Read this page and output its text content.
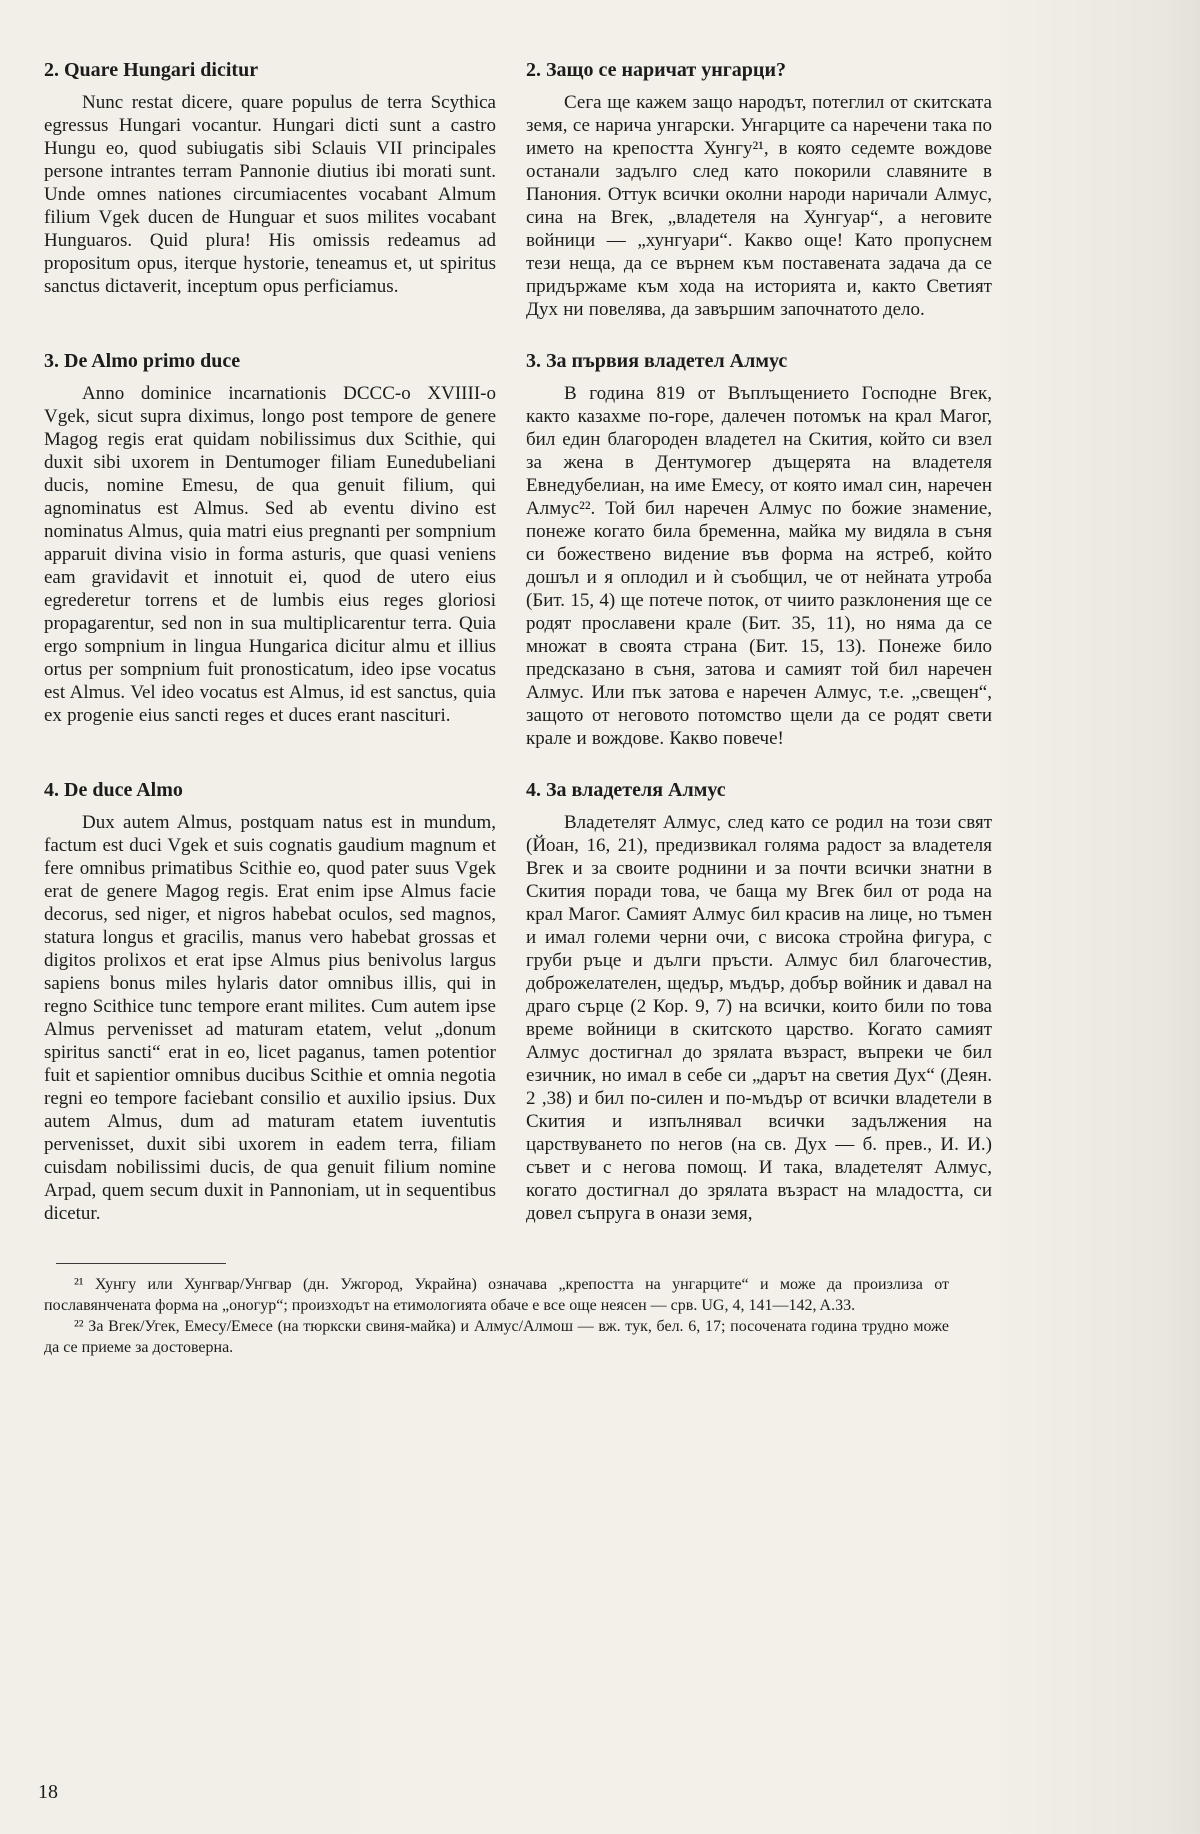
2. Quare Hungari dicitur

Nunc restat dicere, quare populus de terra Scythica egressus Hungari vocantur. Hungari dicti sunt a castro Hungu eo, quod subiugatis sibi Sclauis VII principales persone intrantes terram Pannonie diutius ibi morati sunt. Unde omnes nationes circumiacentes vocabant Almum filium Vgek ducen de Hunguar et suos milites vocabant Hunguaros. Quid plura! His omissis redeamus ad propositum opus, iterque hystorie, teneamus et, ut spiritus sanctus dictaverit, inceptum opus perficiamus.

2. Защо се наричат унгарци?

Сега ще кажем защо народът, потеглил от скитската земя, се нарича унгарски. Унгарците са наречени така по името на крепостта Хунгу²¹, в която седемте вождове останали задълго след като покорили славяните в Панония. Оттук всички околни народи наричали Алмус, сина на Вгек, „владетеля на Хунгуар“, а неговите войници — „хунгуари“. Какво още! Като пропуснем тези неща, да се върнем към поставената задача да се придържаме към хода на историята и, както Светият Дух ни повелява, да завършим започнатото дело.

3. De Almo primo duce

Anno dominice incarnationis DCCC-o XVIIII-o Vgek, sicut supra diximus, longo post tempore de genere Magog regis erat quidam nobilissimus dux Scithie, qui duxit sibi uxorem in Dentumoger filiam Eunedubeliani ducis, nomine Emesu, de qua genuit filium, qui agnominatus est Almus. Sed ab eventu divino est nominatus Almus, quia matri eius pregnanti per sompnium apparuit divina visio in forma asturis, que quasi veniens eam gravidavit et innotuit ei, quod de utero eius egrederetur torrens et de lumbis eius reges gloriosi propagarentur, sed non in sua multiplicarentur terra. Quia ergo sompnium in lingua Hungarica dicitur almu et illius ortus per sompnium fuit pronosticatum, ideo ipse vocatus est Almus. Vel ideo vocatus est Almus, id est sanctus, quia ex progenie eius sancti reges et duces erant nascituri.

3. За първия владетел Алмус

В година 819 от Въплъщението Господне Вгек, както казахме по-горе, далечен потомък на крал Магог, бил един благороден владетел на Скития, който си взел за жена в Дентумогер дъщерята на владетеля Евнедубелиан, на име Емесу, от която имал син, наречен Алмус²². Той бил наречен Алмус по божие знамение, понеже когато била бременна, майка му видяла в съня си божествено видение във форма на ястреб, който дошъл и я оплодил и ѝ съобщил, че от нейната утроба (Бит. 15, 4) ще потече поток, от чиито разклонения ще се родят прославени крале (Бит. 35, 11), но няма да се множат в своята страна (Бит. 15, 13). Понеже било предсказано в съня, затова и самият той бил наречен Алмус. Или пък затова е наречен Алмус, т.е. „свещен“, защото от неговото потомство щели да се родят свети крале и вождове. Какво повече!

4. De duce Almo

Dux autem Almus, postquam natus est in mundum, factum est duci Vgek et suis cognatis gaudium magnum et fere omnibus primatibus Scithie eo, quod pater suus Vgek erat de genere Magog regis. Erat enim ipse Almus facie decorus, sed niger, et nigros habebat oculos, sed magnos, statura longus et gracilis, manus vero habebat grossas et digitos prolixos et erat ipse Almus pius benivolus largus sapiens bonus miles hylaris dator omnibus illis, qui in regno Scithice tunc tempore erant milites. Cum autem ipse Almus pervenisset ad maturam etatem, velut „donum spiritus sancti“ erat in eo, licet paganus, tamen potentior fuit et sapientior omnibus ducibus Scithie et omnia negotia regni eo tempore faciebant consilio et auxilio ipsius. Dux autem Almus, dum ad maturam etatem iuventutis pervenisset, duxit sibi uxorem in eadem terra, filiam cuisdam nobilissimi ducis, de qua genuit filium nomine Arpad, quem secum duxit in Pannoniam, ut in sequentibus dicetur.

4. За владетеля Алмус

Владетелят Алмус, след като се родил на този свят (Йоан, 16, 21), предизвикал голяма радост за владетеля Вгек и за своите роднини и за почти всички знатни в Скития поради това, че баща му Вгек бил от рода на крал Магог. Самият Алмус бил красив на лице, но тъмен и имал големи черни очи, с висока стройна фигура, с груби ръце и дълги пръсти. Алмус бил благочестив, доброжелателен, щедър, мъдър, добър войник и давал на драго сърце (2 Кор. 9, 7) на всички, които били по това време войници в скитското царство. Когато самият Алмус достигнал до зрялата възраст, въпреки че бил езичник, но имал в себе си „дарът на светия Дух“ (Деян. 2 ,38) и бил по-силен и по-мъдър от всички владетели в Скития и изпълнявал всички задължения на царствуването по негов (на св. Дух — б. прев., И. И.) съвет и с негова помощ. И така, владетелят Алмус, когато достигнал до зрялата възраст на младостта, си довел съпруга в онази земя,

²¹ Хунгу или Хунгвар/Унгвар (дн. Ужгород, Украйна) означава „крепостта на унгарците“ и може да произлиза от пославянчената форма на „оногур“; произходът на етимологията обаче е все още неясен — срв. UG, 4, 141—142, A.33.

²² За Вгек/Угек, Емесу/Емесе (на тюркски свиня-майка) и Алмус/Алмош — вж. тук, бел. 6, 17; посочената година трудно може да се приеме за достоверна.

18
